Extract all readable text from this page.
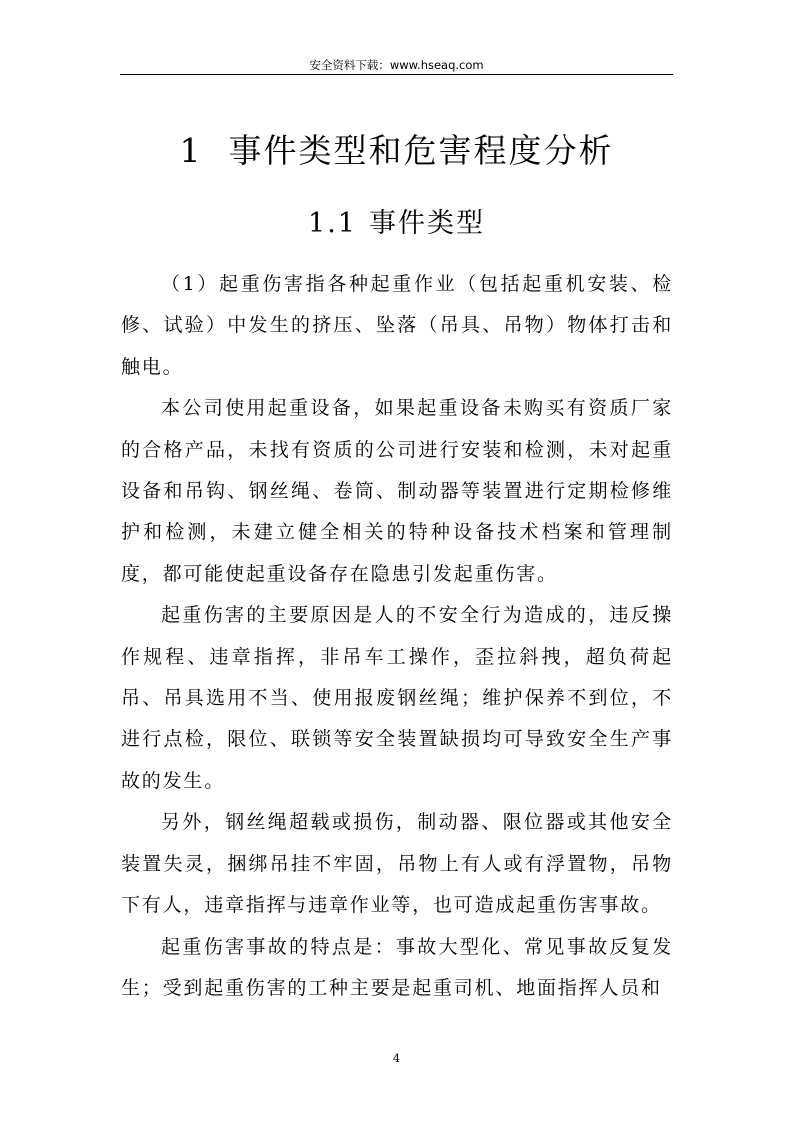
安全资料下载：www.hseaq.com
1 事件类型和危害程度分析
1.1 事件类型

（1）起重伤害指各种起重作业（包括起重机安装、检修、试验）中发生的挤压、坠落（吊具、吊物）物体打击和触电。

本公司使用起重设备，如果起重设备未购买有资质厂家的合格产品，未找有资质的公司进行安装和检测，未对起重设备和吊钩、钢丝绳、卷筒、制动器等装置进行定期检修维护和检测，未建立健全相关的特种设备技术档案和管理制度，都可能使起重设备存在隐患引发起重伤害。

起重伤害的主要原因是人的不安全行为造成的，违反操作规程、违章指挥，非吊车工操作，歪拉斜拽，超负荷起吊、吊具选用不当、使用报废钢丝绳；维护保养不到位，不进行点检，限位、联锁等安全装置缺损均可导致安全生产事故的发生。

另外，钢丝绳超载或损伤，制动器、限位器或其他安全装置失灵，捆绑吊挂不牢固，吊物上有人或有浮置物，吊物下有人，违章指挥与违章作业等，也可造成起重伤害事故。

起重伤害事故的特点是：事故大型化、常见事故反复发生；受到起重伤害的工种主要是起重司机、地面指挥人员和

4
